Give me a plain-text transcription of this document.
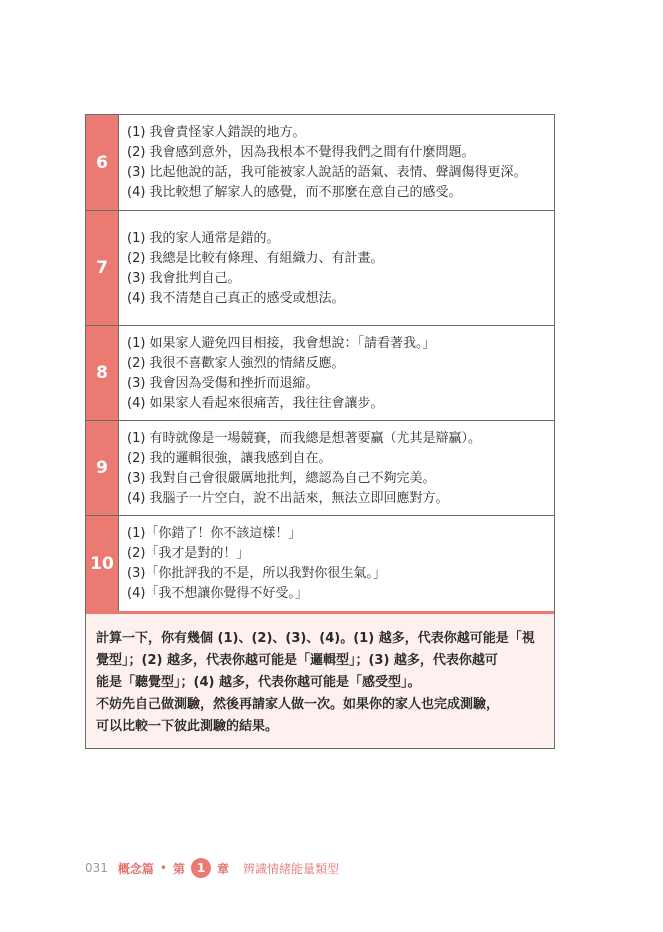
6
(1) 我會責怪家人錯誤的地方。
(2) 我會感到意外，因為我根本不覺得我們之間有什麼問題。
(3) 比起他說的話，我可能被家人說話的語氣、表情、聲調傷得更深。
(4) 我比較想了解家人的感覺，而不那麼在意自己的感受。
7
(1) 我的家人通常是錯的。
(2) 我總是比較有條理、有組織力、有計畫。
(3) 我會批判自己。
(4) 我不清楚自己真正的感受或想法。
8
(1) 如果家人避免四目相接，我會想說：「請看著我。」
(2) 我很不喜歡家人強烈的情緒反應。
(3) 我會因為受傷和挫折而退縮。
(4) 如果家人看起來很痛苦，我往往會讓步。
9
(1) 有時就像是一場競賽，而我總是想著要贏（尤其是辯贏）。
(2) 我的邏輯很強，讓我感到自在。
(3) 我對自己會很嚴厲地批判，總認為自己不夠完美。
(4) 我腦子一片空白，說不出話來，無法立即回應對方。
10
(1)「你錯了！你不該這樣！」
(2)「我才是對的！」
(3)「你批評我的不是，所以我對你很生氣。」
(4)「我不想讓你覺得不好受。」

計算一下，你有幾個 (1)、(2)、(3)、(4)。(1) 越多，代表你越可能是「視

覺型」；(2) 越多，代表你越可能是「邏輯型」；(3) 越多，代表你越可

能是「聽覺型」；(4) 越多，代表你越可能是「感受型」。

不妨先自己做測驗，然後再請家人做一次。如果你的家人也完成測驗，

可以比較一下彼此測驗的結果。

031 概念篇 • 第 1 章 辨識情緒能量類型
